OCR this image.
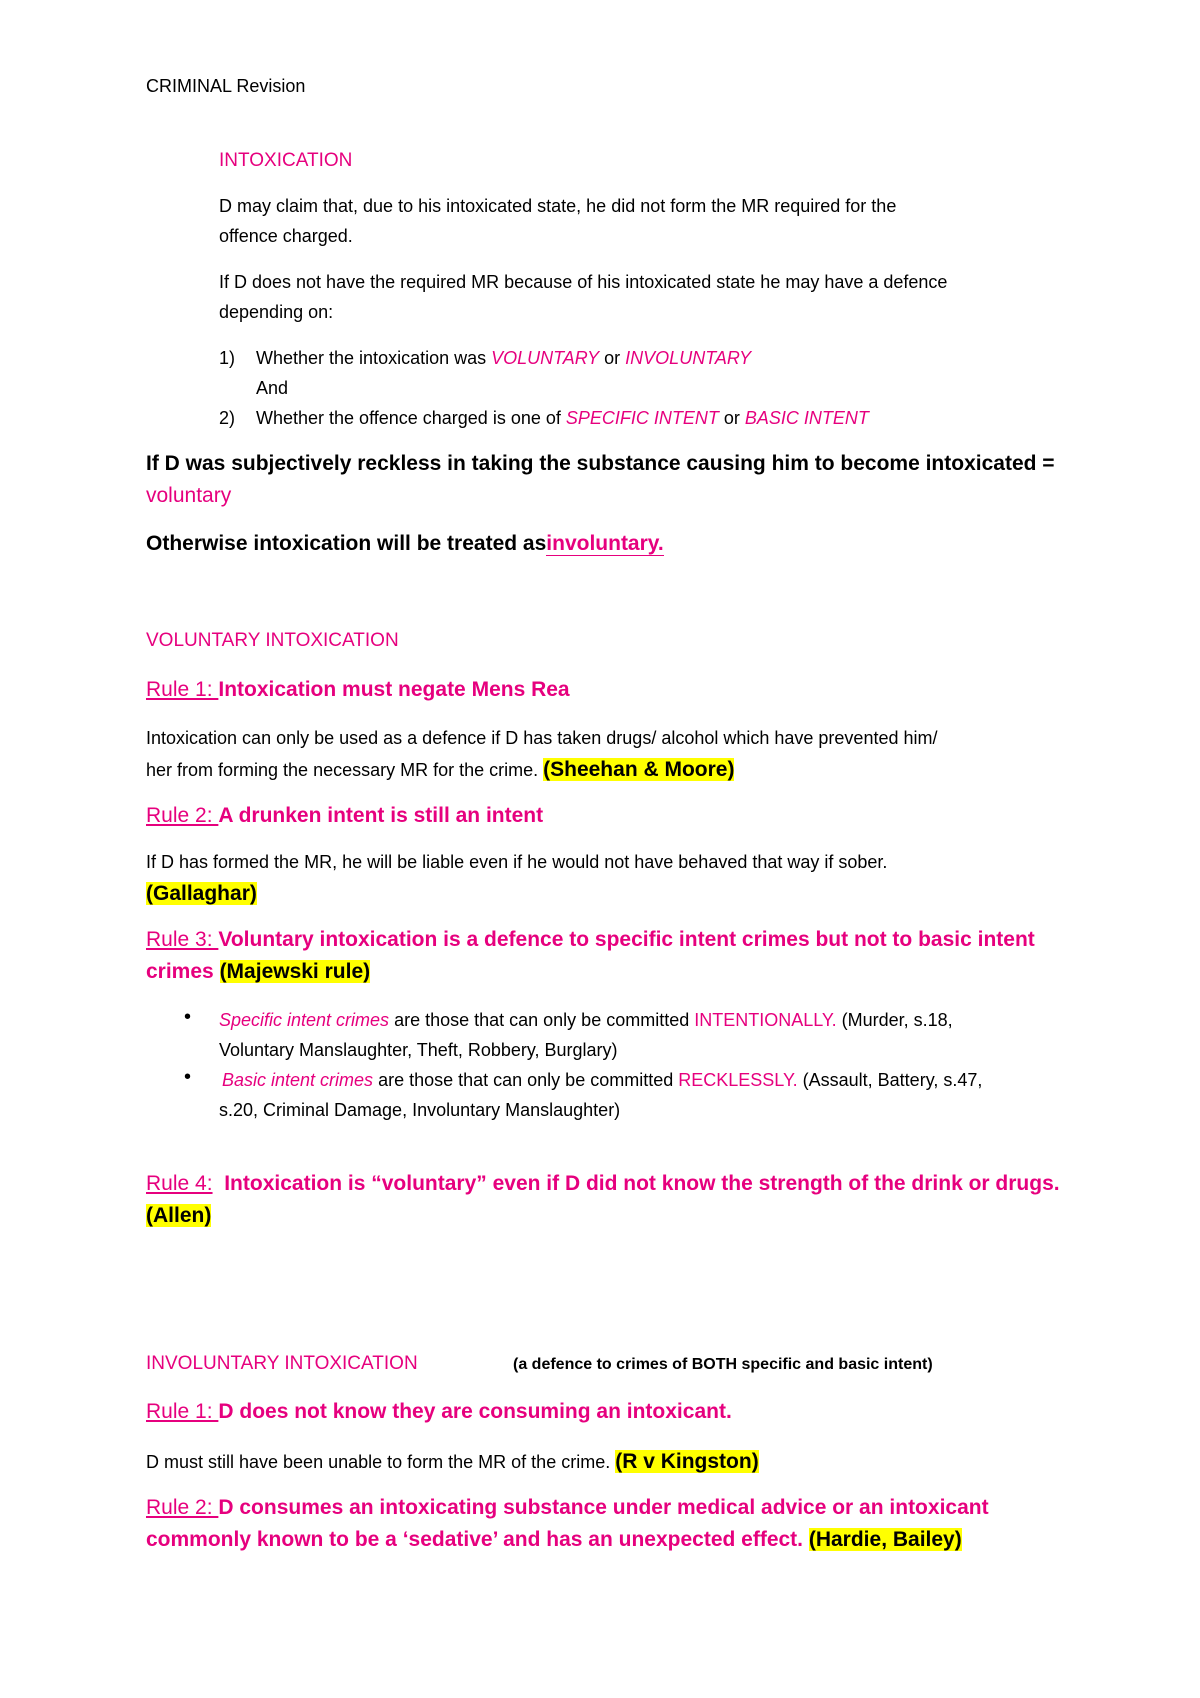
CRIMINAL Revision
INTOXICATION
D may claim that, due to his intoxicated state, he did not form the MR required for the
offence charged.
If D does not have the required MR because of his intoxicated state he may have a defence
depending on:
1) Whether the intoxication was VOLUNTARY or INVOLUNTARY
And
2) Whether the offence charged is one of SPECIFIC INTENT or BASIC INTENT
If D was subjectively reckless in taking the substance causing him to become intoxicated =
voluntary
Otherwise intoxication will be treated asinvoluntary.
VOLUNTARY INTOXICATION
Rule 1: Intoxication must negate Mens Rea
Intoxication can only be used as a defence if D has taken drugs/ alcohol which have prevented him/
her from forming the necessary MR for the crime. (Sheehan & Moore)
Rule 2: A drunken intent is still an intent
If D has formed the MR, he will be liable even if he would not have behaved that way if sober.
(Gallaghar)
Rule 3: Voluntary intoxication is a defence to specific intent crimes but not to basic intent
crimes (Majewski rule)
• Specific intent crimes are those that can only be committed INTENTIONALLY. (Murder, s.18,
Voluntary Manslaughter, Theft, Robbery, Burglary)
• Basic intent crimes are those that can only be committed RECKLESSLY. (Assault, Battery, s.47,
s.20, Criminal Damage, Involuntary Manslaughter)
Rule 4:  Intoxication is “voluntary” even if D did not know the strength of the drink or drugs.
(Allen)
INVOLUNTARY INTOXICATION	(a defence to crimes of BOTH specific and basic intent)
Rule 1: D does not know they are consuming an intoxicant.
D must still have been unable to form the MR of the crime. (R v Kingston)
Rule 2: D consumes an intoxicating substance under medical advice or an intoxicant
commonly known to be a ‘sedative’ and has an unexpected effect. (Hardie, Bailey)
